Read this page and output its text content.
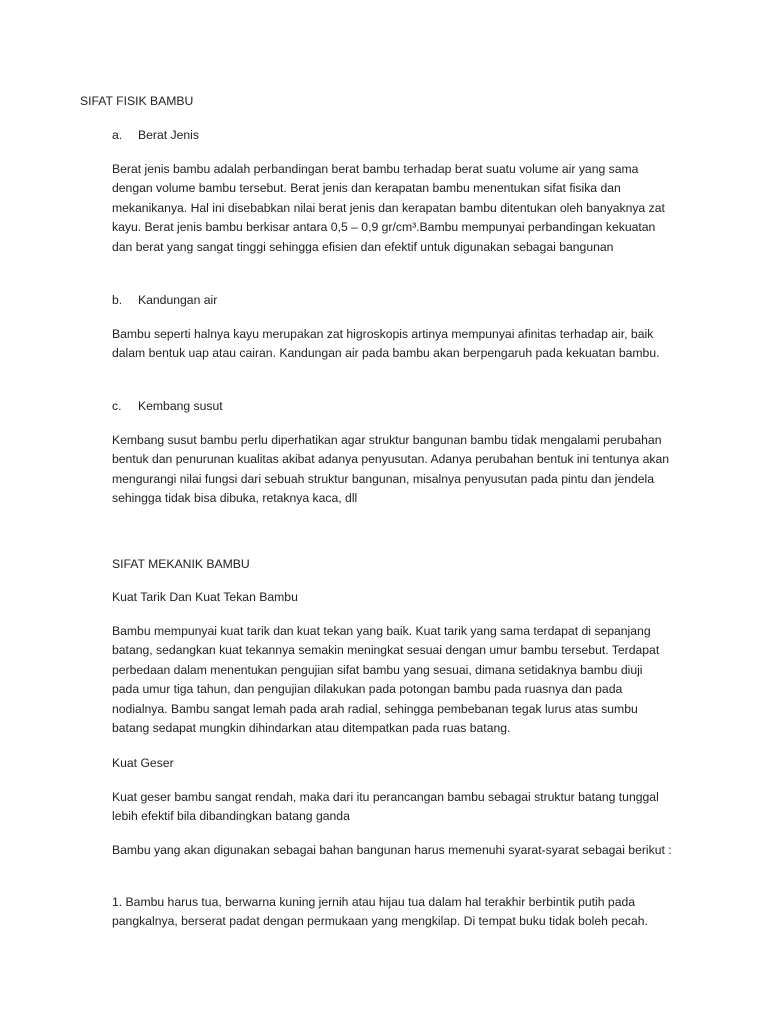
SIFAT FISIK BAMBU

a. Berat Jenis

Berat jenis bambu adalah perbandingan berat bambu terhadap berat suatu volume air yang sama dengan volume bambu tersebut. Berat jenis dan kerapatan bambu menentukan sifat fisika dan mekanikanya. Hal ini disebabkan nilai berat jenis dan kerapatan bambu ditentukan oleh banyaknya zat kayu. Berat jenis bambu berkisar antara 0,5 – 0,9 gr/cm³.Bambu mempunyai perbandingan kekuatan dan berat yang sangat tinggi sehingga efisien dan efektif untuk digunakan sebagai bangunan

b. Kandungan air

Bambu seperti halnya kayu merupakan zat higroskopis artinya mempunyai afinitas terhadap air, baik dalam bentuk uap atau cairan. Kandungan air pada bambu akan berpengaruh pada kekuatan bambu.

c. Kembang susut

Kembang susut bambu perlu diperhatikan agar struktur bangunan bambu tidak mengalami perubahan bentuk dan penurunan kualitas akibat adanya penyusutan. Adanya perubahan bentuk ini tentunya akan mengurangi nilai fungsi dari sebuah struktur bangunan, misalnya penyusutan pada pintu dan jendela sehingga tidak bisa dibuka, retaknya kaca, dll

SIFAT MEKANIK BAMBU

Kuat Tarik Dan Kuat Tekan Bambu

Bambu mempunyai kuat tarik dan kuat tekan yang baik. Kuat tarik yang sama terdapat di sepanjang batang, sedangkan kuat tekannya semakin meningkat sesuai dengan umur bambu tersebut. Terdapat perbedaan dalam menentukan pengujian sifat bambu yang sesuai, dimana setidaknya bambu diuji pada umur tiga tahun, dan pengujian dilakukan pada potongan bambu pada ruasnya dan pada nodialnya. Bambu sangat lemah pada arah radial, sehingga pembebanan tegak lurus atas sumbu batang sedapat mungkin dihindarkan atau ditempatkan pada ruas batang.

Kuat Geser

Kuat geser bambu sangat rendah, maka dari itu perancangan bambu sebagai struktur batang tunggal lebih efektif bila dibandingkan batang ganda

Bambu yang akan digunakan sebagai bahan bangunan harus memenuhi syarat-syarat sebagai berikut :

1. Bambu harus tua, berwarna kuning jernih atau hijau tua dalam hal terakhir berbintik putih pada pangkalnya, berserat padat dengan permukaan yang mengkilap. Di tempat buku tidak boleh pecah.
